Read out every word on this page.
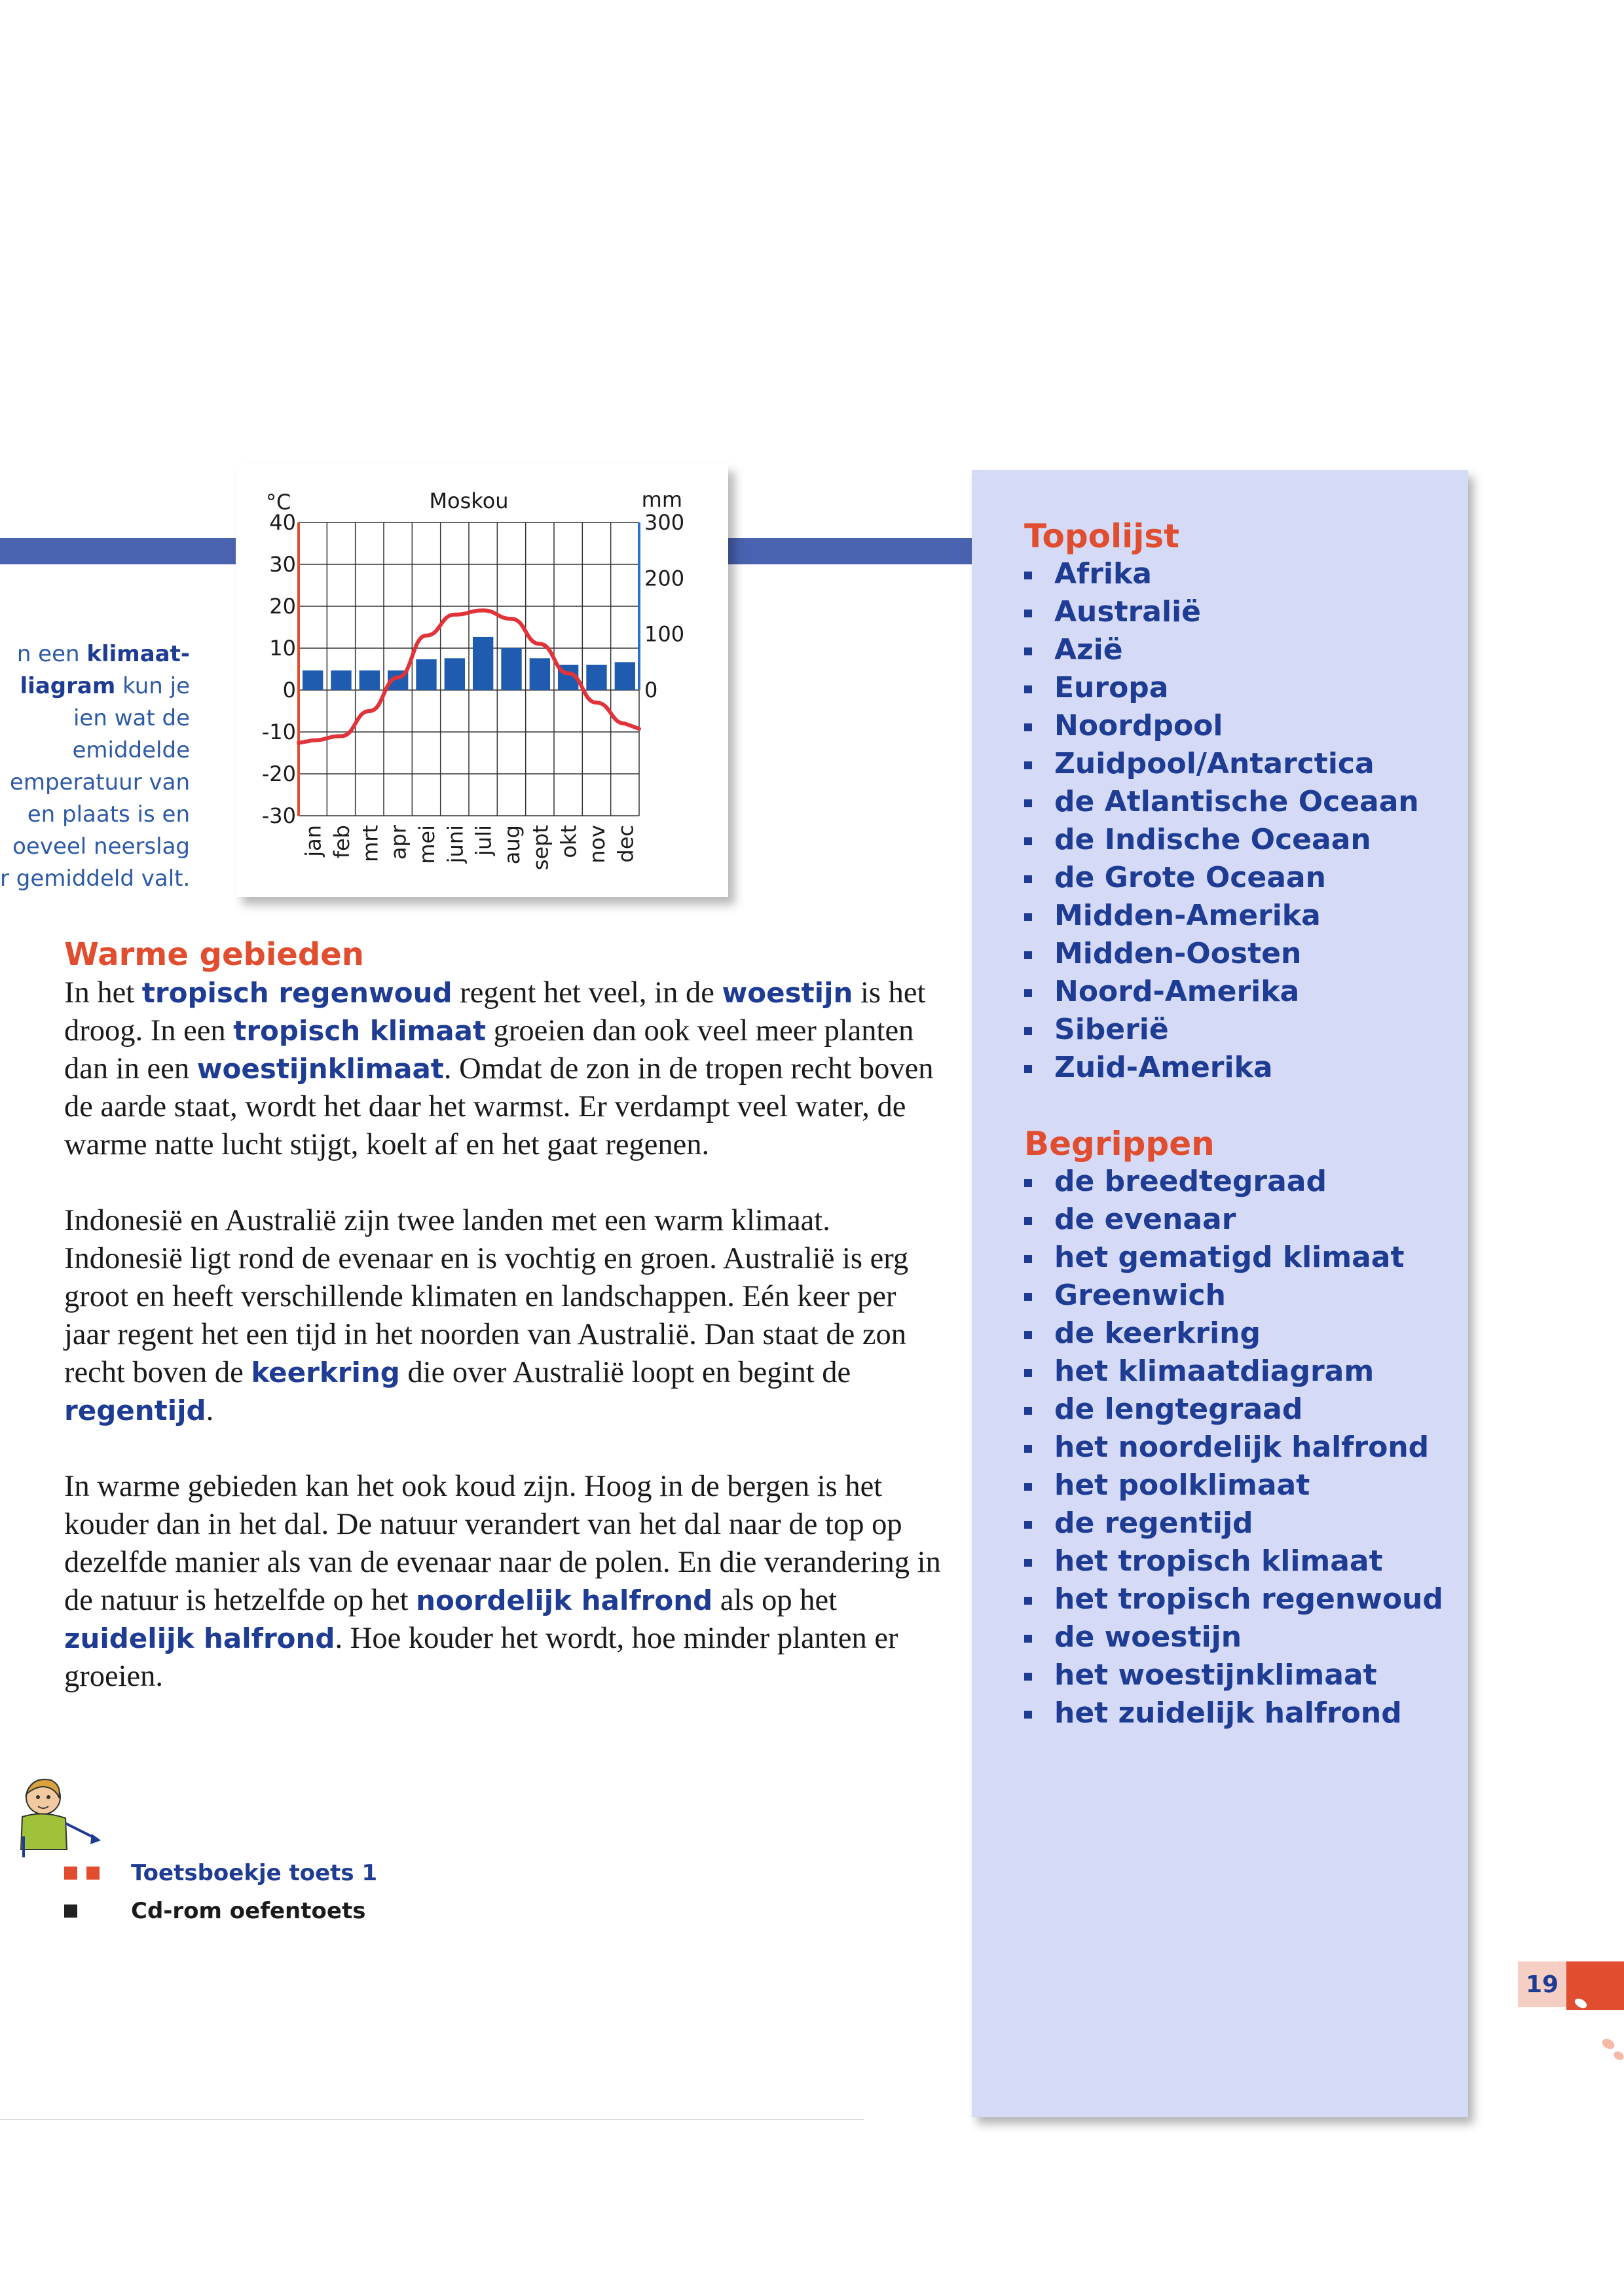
n een klimaat-
liagram kun je
ien wat de
emiddelde
emperatuur van
en plaats is en
oeveel neerslag
r gemiddeld valt.
°C	Moskou	mm
40
30
20
10
0
-10
-20
-30
300
200
100
0
jan feb mrt apr mei juni juli aug sept okt nov dec
Warme gebieden

In het tropisch regenwoud regent het veel, in de woestijn is het droog. In een tropisch klimaat groeien dan ook veel meer planten dan in een woestijnklimaat. Omdat de zon in de tropen recht boven de aarde staat, wordt het daar het warmst. Er verdampt veel water, de warme natte lucht stijgt, koelt af en het gaat regenen.

Indonesië en Australië zijn twee landen met een warm klimaat. Indonesië ligt rond de evenaar en is vochtig en groen. Australië is erg groot en heeft verschillende klimaten en landschappen. Eén keer per jaar regent het een tijd in het noorden van Australië. Dan staat de zon recht boven de keerkring die over Australië loopt en begint de regentijd.

In warme gebieden kan het ook koud zijn. Hoog in de bergen is het kouder dan in het dal. De natuur verandert van het dal naar de top op dezelfde manier als van de evenaar naar de polen. En die verandering in de natuur is hetzelfde op het noordelijk halfrond als op het zuidelijk halfrond. Hoe kouder het wordt, hoe minder planten er groeien.

Toetsboekje toets 1
Cd-rom oefentoets
Topolijst
Afrika
Australië
Azië
Europa
Noordpool
Zuidpool/Antarctica
de Atlantische Oceaan
de Indische Oceaan
de Grote Oceaan
Midden-Amerika
Midden-Oosten
Noord-Amerika
Siberië
Zuid-Amerika
Begrippen
de breedtegraad
de evenaar
het gematigd klimaat
Greenwich
de keerkring
het klimaatdiagram
de lengtegraad
het noordelijk halfrond
het poolklimaat
de regentijd
het tropisch klimaat
het tropisch regenwoud
de woestijn
het woestijnklimaat
het zuidelijk halfrond
19
